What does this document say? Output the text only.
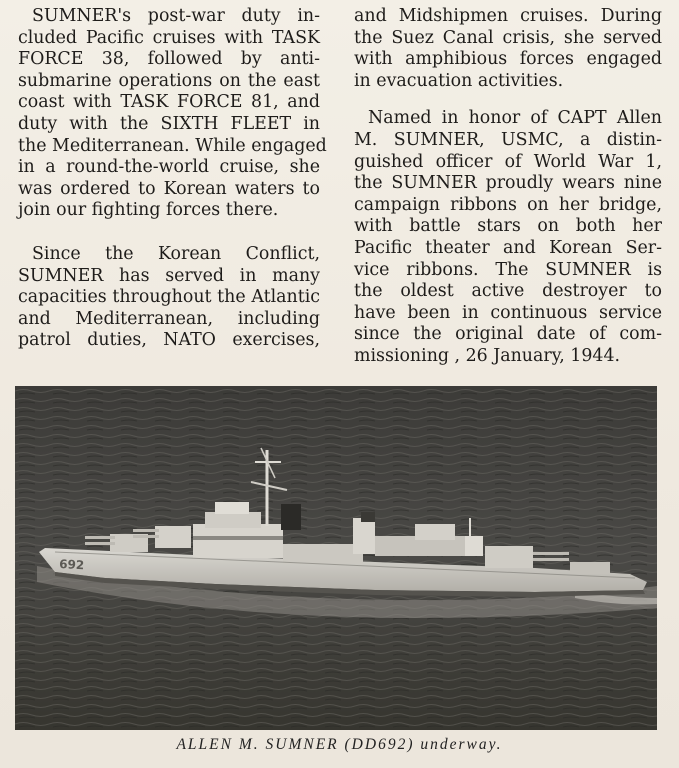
SUMNER's post-war duty in-
cluded Pacific cruises with TASK
FORCE 38, followed by anti-
submarine operations on the east
coast with TASK FORCE 81, and
duty with the SIXTH FLEET in
the Mediterranean. While engaged
in a round-the-world cruise, she
was ordered to Korean waters to
join our fighting forces there.
Since the Korean Conflict,
SUMNER has served in many
capacities throughout the Atlantic
and Mediterranean, including
patrol duties, NATO exercises,
and Midshipmen cruises. During
the Suez Canal crisis, she served
with amphibious forces engaged
in evacuation activities.
Named in honor of CAPT Allen
M. SUMNER, USMC, a distin-
guished officer of World War 1,
the SUMNER proudly wears nine
campaign ribbons on her bridge,
with battle stars on both her
Pacific theater and Korean Ser-
vice ribbons. The SUMNER is
the oldest active destroyer to
have been in continuous service
since the original date of com-
missioning , 26 January, 1944.
692
ALLEN M. SUMNER (DD692) underway.
